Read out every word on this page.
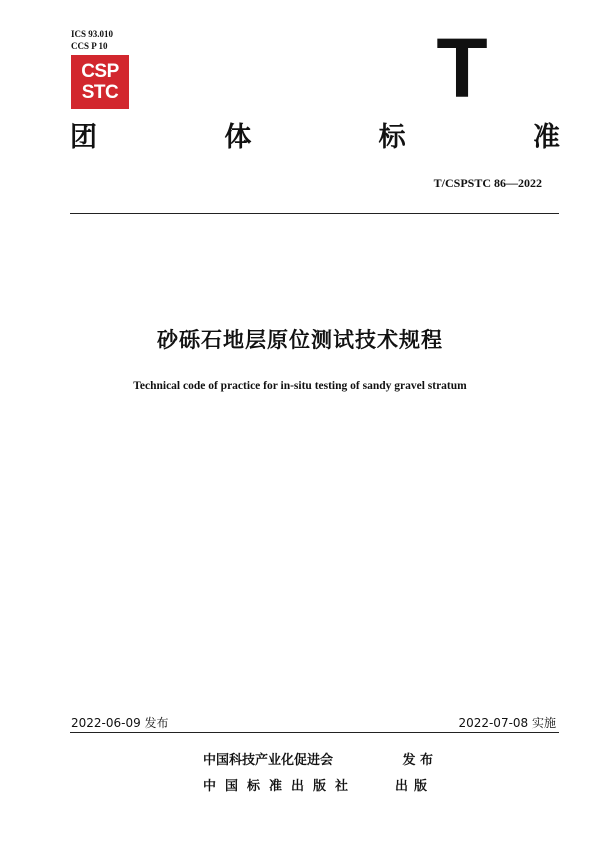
ICS 93.010
CCS P 10
CSP
STC	T
团	体	标	准
T/CSPSTC 86—2022
砂砾石地层原位测试技术规程
Technical code of practice for in-situ testing of sandy gravel stratum
2022-06-09 发布	2022-07-08 实施
中国科技产业化促进会	发 布
中国标准出版社	出版
